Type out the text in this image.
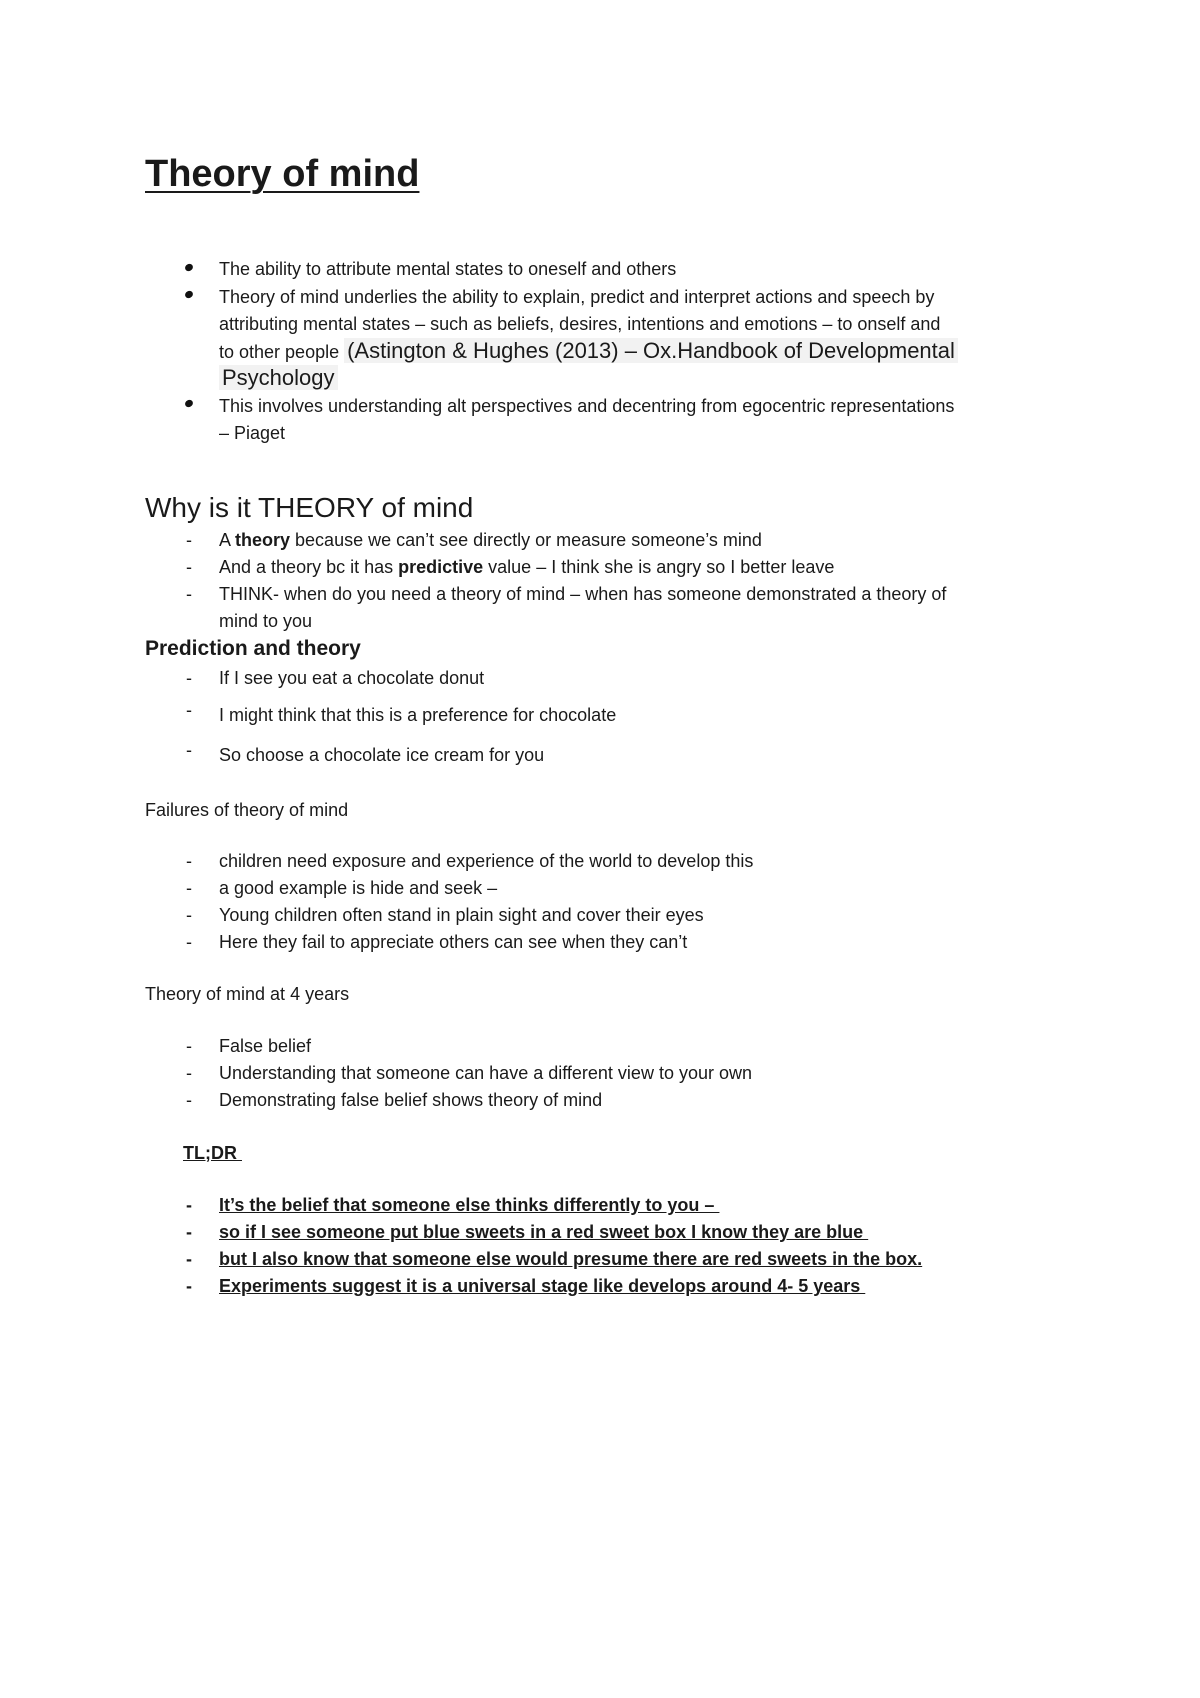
Theory of mind
The ability to attribute mental states to oneself and others
Theory of mind underlies the ability to explain, predict and interpret actions and speech by
attributing mental states – such as beliefs, desires, intentions and emotions – to onself and
to other people (Astington & Hughes (2013) – Ox.Handbook of Developmental
Psychology
This involves understanding alt perspectives and decentring from egocentric representations
– Piaget
Why is it THEORY of mind
- A theory because we can’t see directly or measure someone’s mind
- And a theory bc it has predictive value – I think she is angry so I better leave
- THINK- when do you need a theory of mind – when has someone demonstrated a theory of
mind to you
Prediction and theory
- If I see you eat a chocolate donut
- I might think that this is a preference for chocolate
- So choose a chocolate ice cream for you
Failures of theory of mind
- children need exposure and experience of the world to develop this
- a good example is hide and seek –
- Young children often stand in plain sight and cover their eyes
- Here they fail to appreciate others can see when they can’t
Theory of mind at 4 years
- False belief
- Understanding that someone can have a different view to your own
- Demonstrating false belief shows theory of mind
TL;DR
- It’s the belief that someone else thinks differently to you –
- so if I see someone put blue sweets in a red sweet box I know they are blue
- but I also know that someone else would presume there are red sweets in the box.
- Experiments suggest it is a universal stage like develops around 4- 5 years
